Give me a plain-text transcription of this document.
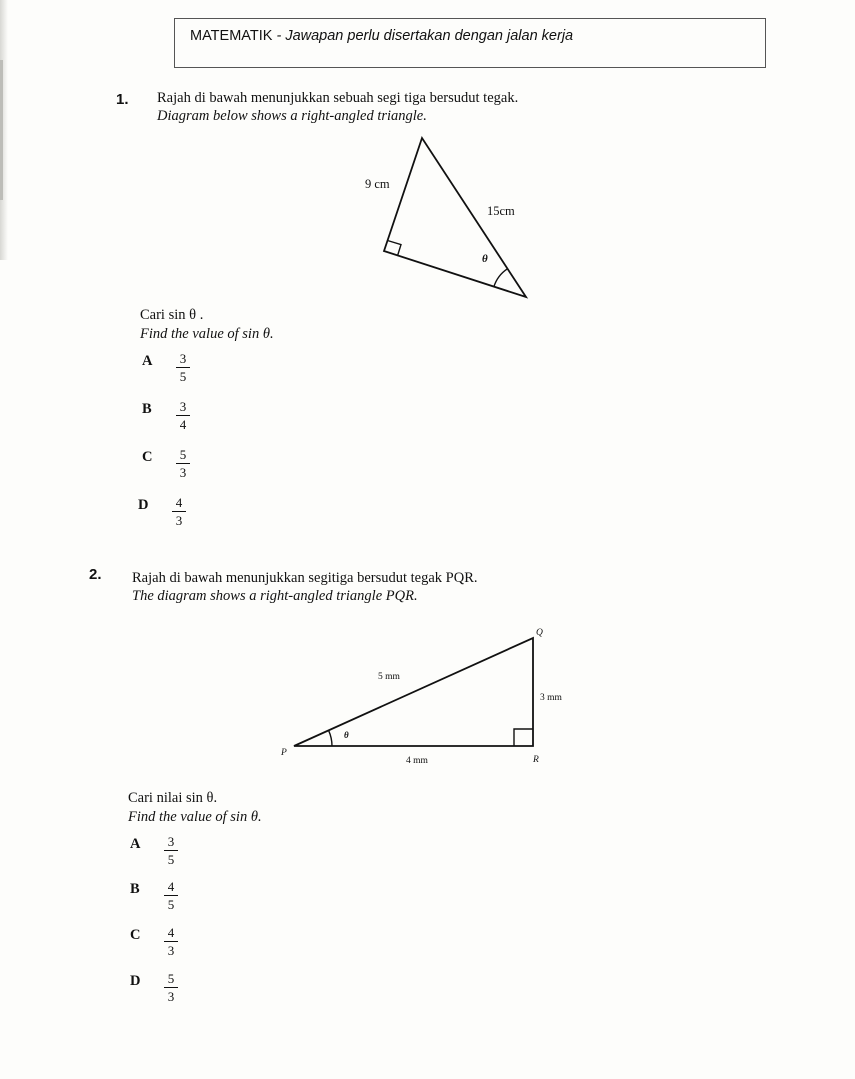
MATEMATIK - Jawapan perlu disertakan dengan jalan kerja
1. Rajah di bawah menunjukkan sebuah segi tiga bersudut tegak.
Diagram below shows a right-angled triangle.
9 cm
15cm
θ
Cari sin θ .
Find the value of sin θ.
A 3
5
B 3
4
C 5
3
D 4
3
2. Rajah di bawah menunjukkan segitiga bersudut tegak PQR.
The diagram shows a right-angled triangle PQR.
5 mm
3 mm
4 mm
P
Q
R
θ
Cari nilai sin θ.
Find the value of sin θ.
A 3
5
B 4
5
C 4
3
D 5
3
